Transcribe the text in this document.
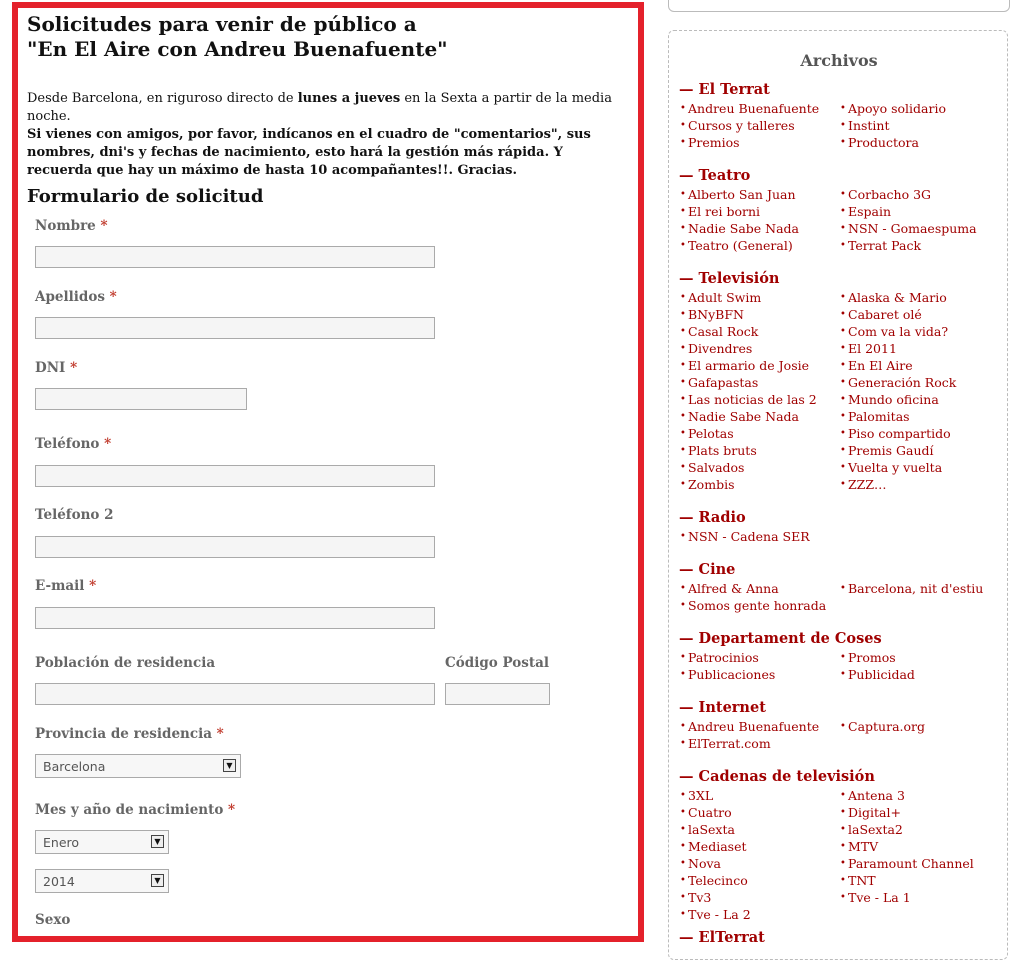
Solicitudes para venir de público a
"En El Aire con Andreu Buenafuente"
Desde Barcelona, en riguroso directo de lunes a jueves en la Sexta a partir de la media noche.
Si vienes con amigos, por favor, indícanos en el cuadro de "comentarios", sus nombres, dni's y fechas de nacimiento, esto hará la gestión más rápida. Y recuerda que hay un máximo de hasta 10 acompañantes!!. Gracias.
Formulario de solicitud
Nombre *
Apellidos *
DNI *
Teléfono *
Teléfono 2
E-mail *
Población de residencia	Código Postal
Provincia de residencia *
Barcelona	▼
Mes y año de nacimiento *
Enero	▼
2014	▼
Sexo
Archivos
— El Terrat
• Andreu Buenafuente	• Apoyo solidario
• Cursos y talleres	• Instint
• Premios	• Productora
— Teatro
• Alberto San Juan	• Corbacho 3G
• El rei borni	• Espain
• Nadie Sabe Nada	• NSN - Gomaespuma
• Teatro (General)	• Terrat Pack
— Televisión
• Adult Swim	• Alaska & Mario
• BNyBFN	• Cabaret olé
• Casal Rock	• Com va la vida?
• Divendres	• El 2011
• El armario de Josie	• En El Aire
• Gafapastas	• Generación Rock
• Las noticias de las 2	• Mundo oficina
• Nadie Sabe Nada	• Palomitas
• Pelotas	• Piso compartido
• Plats bruts	• Premis Gaudí
• Salvados	• Vuelta y vuelta
• Zombis	• ZZZ…
— Radio
• NSN - Cadena SER
— Cine
• Alfred & Anna	• Barcelona, nit d'estiu
• Somos gente honrada
— Departament de Coses
• Patrocinios	• Promos
• Publicaciones	• Publicidad
— Internet
• Andreu Buenafuente	• Captura.org
• ElTerrat.com
— Cadenas de televisión
• 3XL	• Antena 3
• Cuatro	• Digital+
• laSexta	• laSexta2
• Mediaset	• MTV
• Nova	• Paramount Channel
• Telecinco	• TNT
• Tv3	• Tve - La 1
• Tve - La 2
— ElTerrat
